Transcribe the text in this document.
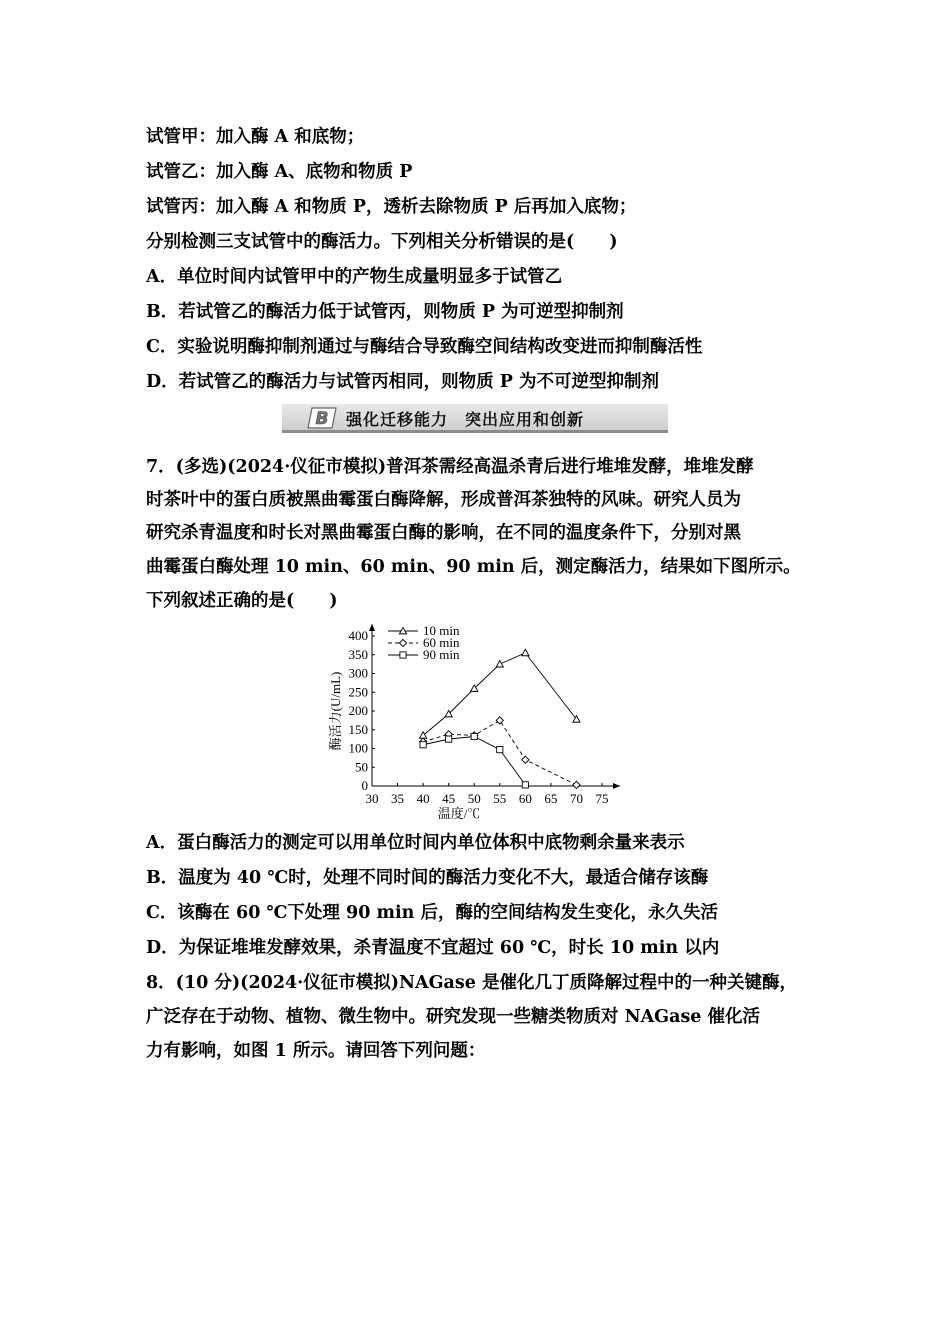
试管甲：加入酶 A 和底物；
试管乙：加入酶 A、底物和物质 P
试管丙：加入酶 A 和物质 P，透析去除物质 P 后再加入底物；
分别检测三支试管中的酶活力。下列相关分析错误的是(　　)
A．单位时间内试管甲中的产物生成量明显多于试管乙
B．若试管乙的酶活力低于试管丙，则物质 P 为可逆型抑制剂
C．实验说明酶抑制剂通过与酶结合导致酶空间结构改变进而抑制酶活性
D．若试管乙的酶活力与试管丙相同，则物质 P 为不可逆型抑制剂
B 强化迁移能力　突出应用和创新
7．(多选)(2024·仪征市模拟)普洱茶需经高温杀青后进行堆堆发酵，堆堆发酵
时茶叶中的蛋白质被黑曲霉蛋白酶降解，形成普洱茶独特的风味。研究人员为
研究杀青温度和时长对黑曲霉蛋白酶的影响，在不同的温度条件下，分别对黑
曲霉蛋白酶处理 10 min、60 min、90 min 后，测定酶活力，结果如下图所示。
下列叙述正确的是(　　)
30 35 40 45 50 55 60 65 70 75
0
50
100
150
200
250
300
350
400
温度/℃
酶活力(U/mL)
10 min
60 min
90 min
A．蛋白酶活力的测定可以用单位时间内单位体积中底物剩余量来表示
B．温度为 40 ℃时，处理不同时间的酶活力变化不大，最适合储存该酶
C．该酶在 60 ℃下处理 90 min 后，酶的空间结构发生变化，永久失活
D．为保证堆堆发酵效果，杀青温度不宜超过 60 ℃，时长 10 min 以内
8．(10 分)(2024·仪征市模拟)NAGase 是催化几丁质降解过程中的一种关键酶，
广泛存在于动物、植物、微生物中。研究发现一些糖类物质对 NAGase 催化活
力有影响，如图 1 所示。请回答下列问题：
